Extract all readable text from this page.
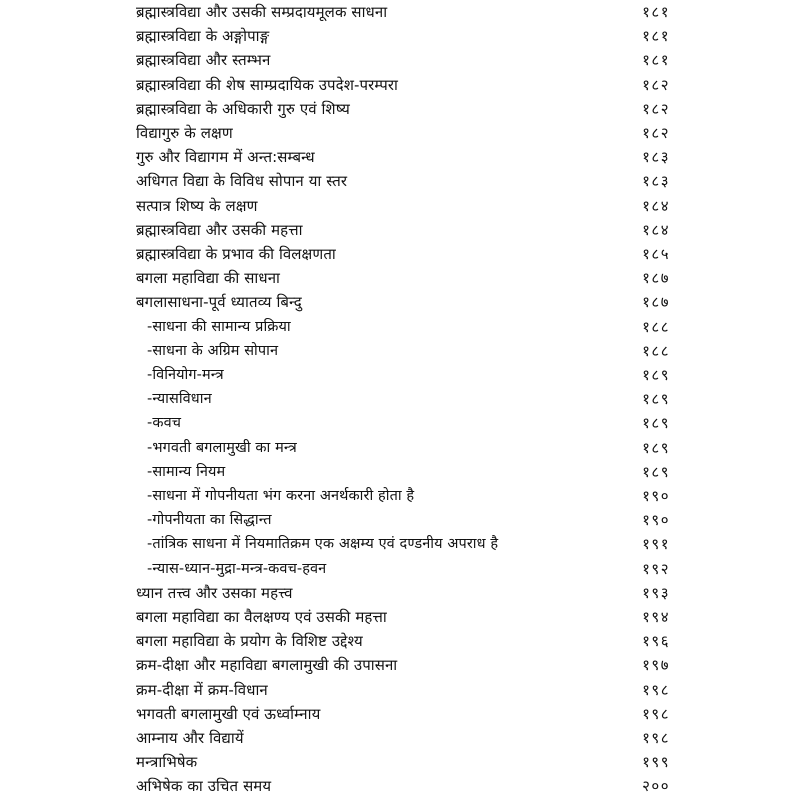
ब्रह्मास्त्रविद्या और उसकी सम्प्रदायमूलक साधना	१८१
ब्रह्मास्त्रविद्या के अङ्गोपाङ्ग	१८१
ब्रह्मास्त्रविद्या और स्तम्भन	१८१
ब्रह्मास्त्रविद्या की शेष साम्प्रदायिक उपदेश-परम्परा	१८२
ब्रह्मास्त्रविद्या के अधिकारी गुरु एवं शिष्य	१८२
विद्यागुरु के लक्षण	१८२
गुरु और विद्यागम में अन्त:सम्बन्ध	१८३
अधिगत विद्या के विविध सोपान या स्तर	१८३
सत्पात्र शिष्य के लक्षण	१८४
ब्रह्मास्त्रविद्या और उसकी महत्ता	१८४
ब्रह्मास्त्रविद्या के प्रभाव की विलक्षणता	१८५
बगला महाविद्या की साधना	१८७
बगलासाधना-पूर्व ध्यातव्य बिन्दु	१८७
-साधना की सामान्य प्रक्रिया	१८८
-साधना के अग्रिम सोपान	१८८
-विनियोग-मन्त्र	१८९
-न्यासविधान	१८९
-कवच	१८९
-भगवती बगलामुखी का मन्त्र	१८९
-सामान्य नियम	१८९
-साधना में गोपनीयता भंग करना अनर्थकारी होता है	१९०
-गोपनीयता का सिद्धान्त	१९०
-तांत्रिक साधना में नियमातिक्रम एक अक्षम्य एवं दण्डनीय अपराध है	१९१
-न्यास-ध्यान-मुद्रा-मन्त्र-कवच-हवन	१९२
ध्यान तत्त्व और उसका महत्त्व	१९३
बगला महाविद्या का वैलक्षण्य एवं उसकी महत्ता	१९४
बगला महाविद्या के प्रयोग के विशिष्ट उद्देश्य	१९६
क्रम-दीक्षा और महाविद्या बगलामुखी की उपासना	१९७
क्रम-दीक्षा में क्रम-विधान	१९८
भगवती बगलामुखी एवं ऊर्ध्वाम्नाय	१९८
आम्नाय और विद्यायें	१९८
मन्त्राभिषेक	१९९
अभिषेक का उचित समय	२००
